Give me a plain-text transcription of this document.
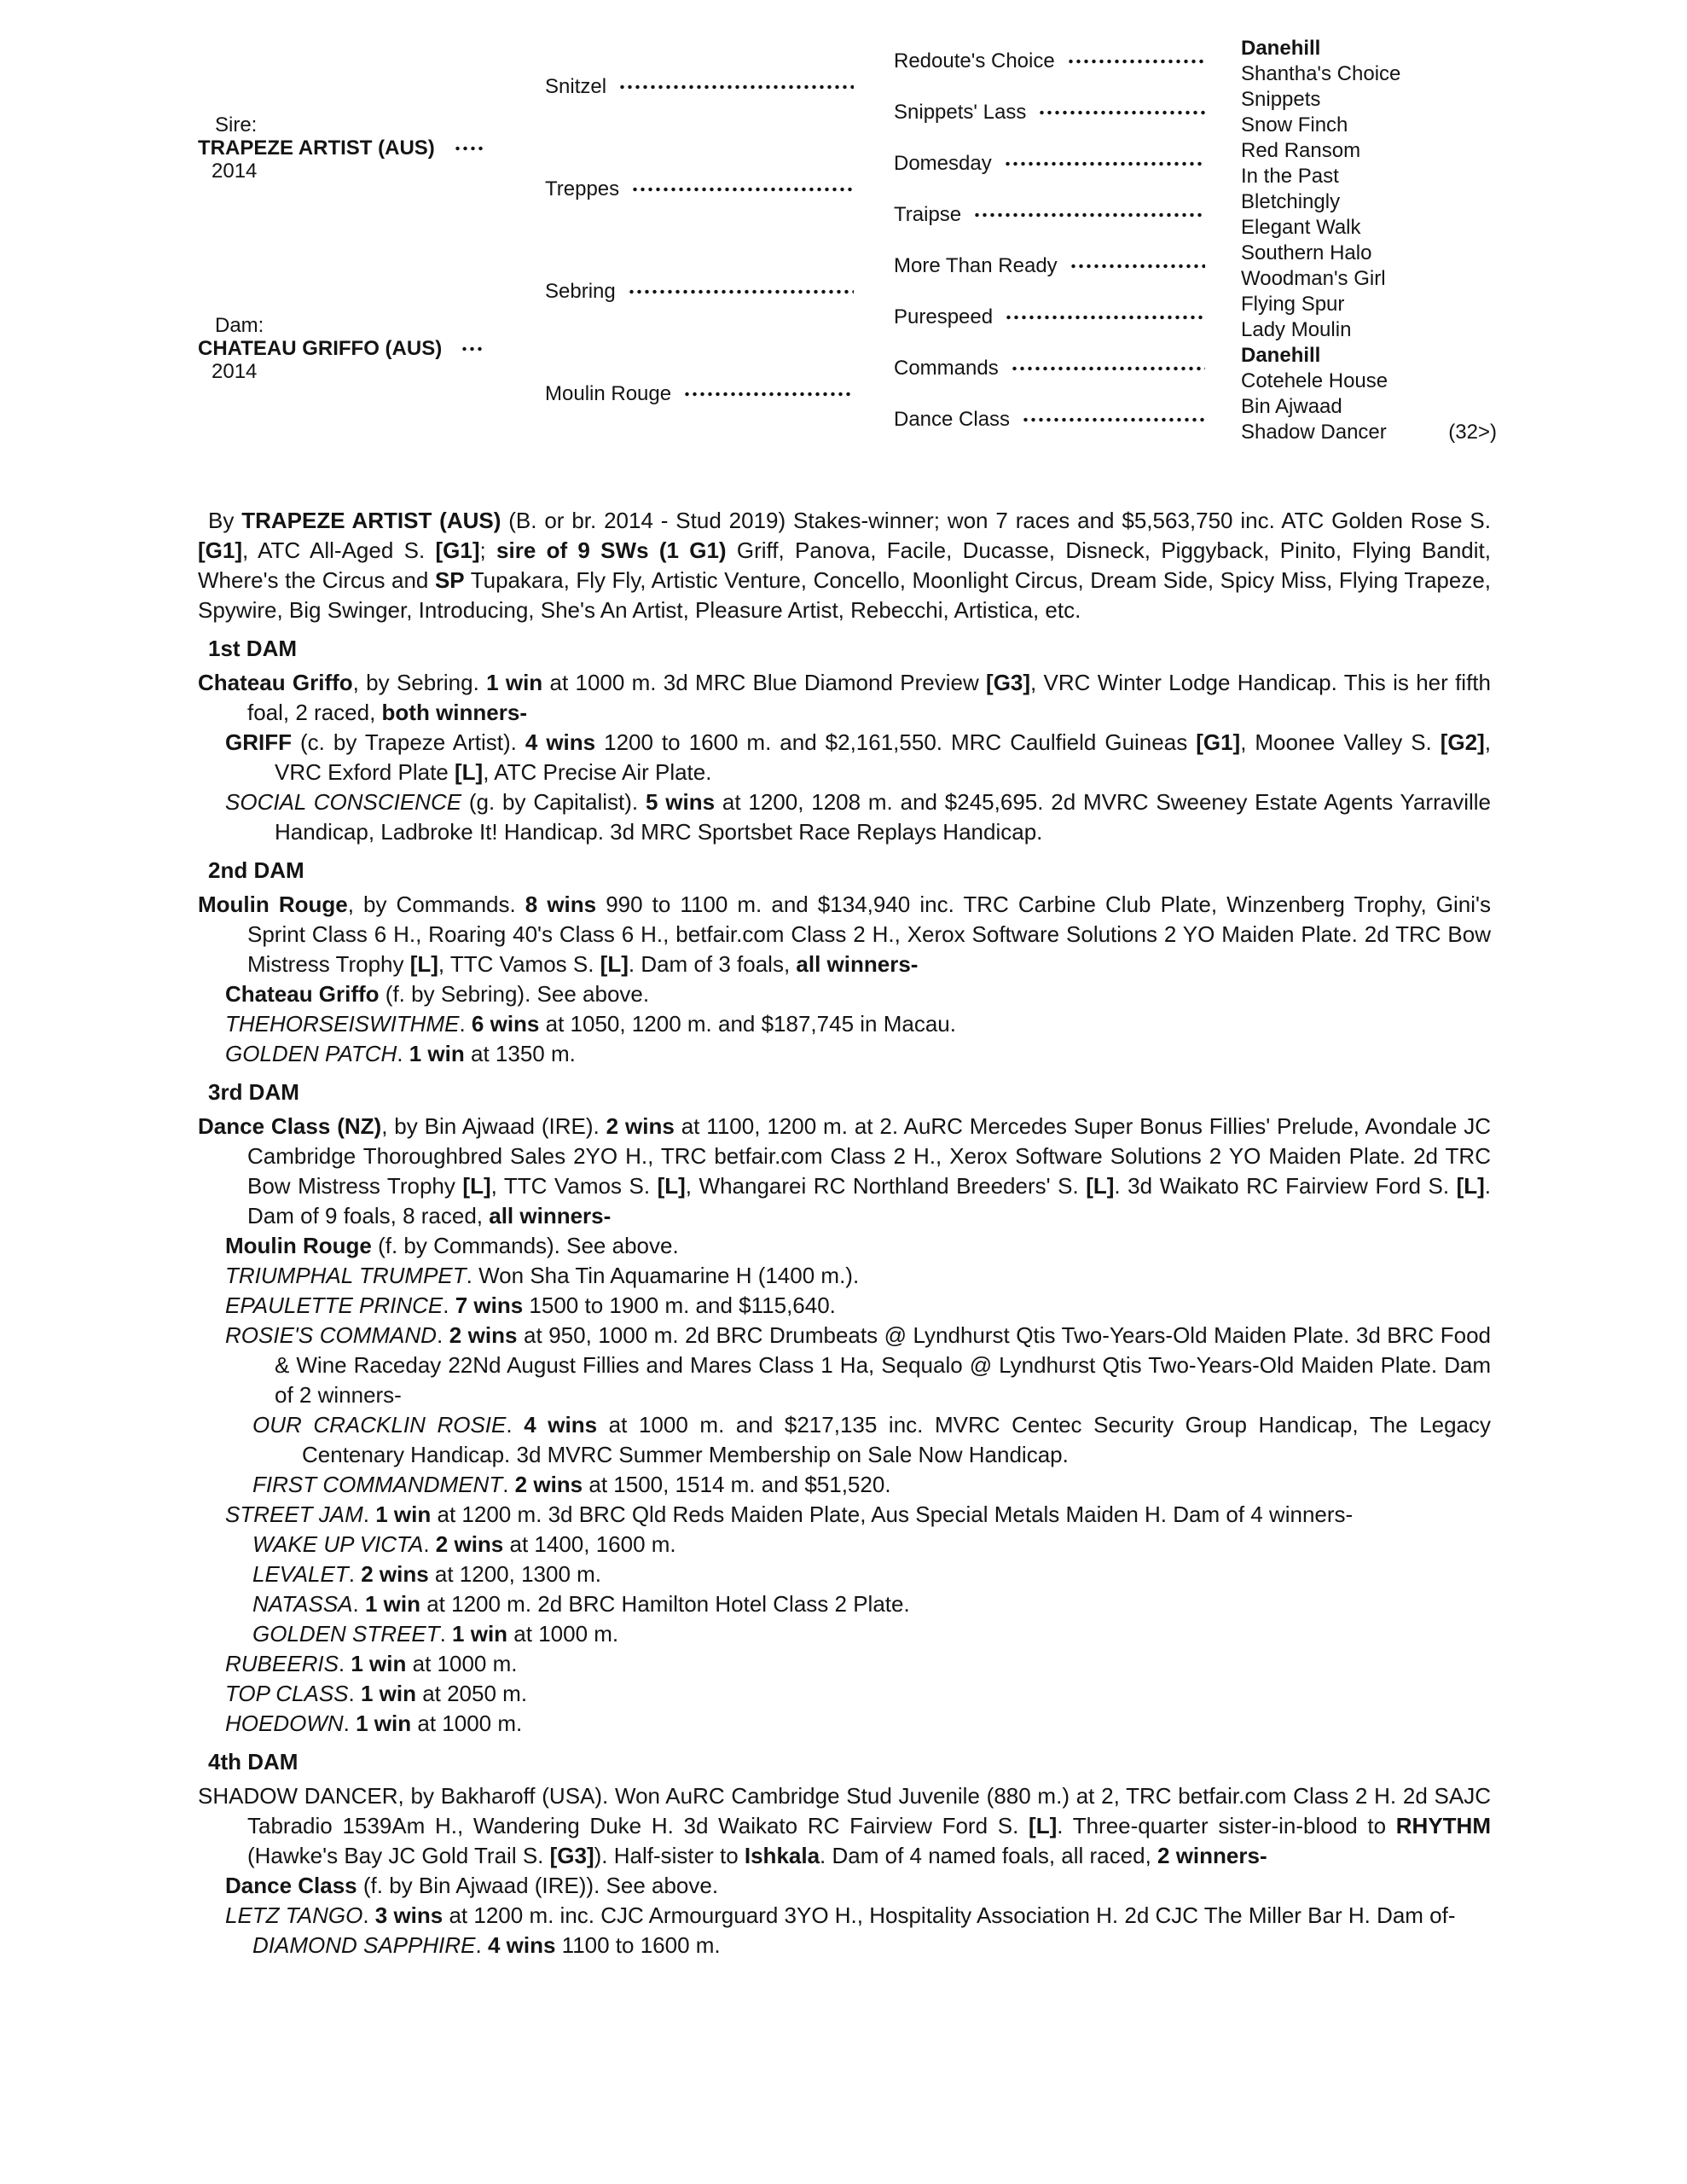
Sire:
TRAPEZE ARTIST (AUS)
2014
Dam:
CHATEAU GRIFFO (AUS)
2014
Snitzel
Treppes
Sebring
Moulin Rouge
Redoute's Choice
Snippets' Lass
Domesday
Traipse
More Than Ready
Purespeed
Commands
Dance Class
(32>)
Danehill
Shantha's Choice
Snippets
Snow Finch
Red Ransom
In the Past
Bletchingly
Elegant Walk
Southern Halo
Woodman's Girl
Flying Spur
Lady Moulin
Danehill
Cotehele House
Bin Ajwaad
Shadow Dancer

By TRAPEZE ARTIST (AUS) (B. or br. 2014 - Stud 2019) Stakes-winner; won 7 races and $5,563,750 inc. ATC Golden Rose S. [G1], ATC All-Aged S. [G1]; sire of 9 SWs (1 G1) Griff, Panova, Facile, Ducasse, Disneck, Piggyback, Pinito, Flying Bandit, Where's the Circus and SP Tupakara, Fly Fly, Artistic Venture, Concello, Moonlight Circus, Dream Side, Spicy Miss, Flying Trapeze, Spywire, Big Swinger, Introducing, She's An Artist, Pleasure Artist, Rebecchi, Artistica, etc.

1st DAM

Chateau Griffo, by Sebring. 1 win at 1000 m. 3d MRC Blue Diamond Preview [G3], VRC Winter Lodge Handicap. This is her fifth foal, 2 raced, both winners-

GRIFF (c. by Trapeze Artist). 4 wins 1200 to 1600 m. and $2,161,550. MRC Caulfield Guineas [G1], Moonee Valley S. [G2], VRC Exford Plate [L], ATC Precise Air Plate.

SOCIAL CONSCIENCE (g. by Capitalist). 5 wins at 1200, 1208 m. and $245,695. 2d MVRC Sweeney Estate Agents Yarraville Handicap, Ladbroke It! Handicap. 3d MRC Sportsbet Race Replays Handicap.

2nd DAM

Moulin Rouge, by Commands. 8 wins 990 to 1100 m. and $134,940 inc. TRC Carbine Club Plate, Winzenberg Trophy, Gini's Sprint Class 6 H., Roaring 40's Class 6 H., betfair.com Class 2 H., Xerox Software Solutions 2 YO Maiden Plate. 2d TRC Bow Mistress Trophy [L], TTC Vamos S. [L]. Dam of 3 foals, all winners-

Chateau Griffo (f. by Sebring). See above.

THEHORSEISWITHME. 6 wins at 1050, 1200 m. and $187,745 in Macau.

GOLDEN PATCH. 1 win at 1350 m.

3rd DAM

Dance Class (NZ), by Bin Ajwaad (IRE). 2 wins at 1100, 1200 m. at 2. AuRC Mercedes Super Bonus Fillies' Prelude, Avondale JC Cambridge Thoroughbred Sales 2YO H., TRC betfair.com Class 2 H., Xerox Software Solutions 2 YO Maiden Plate. 2d TRC Bow Mistress Trophy [L], TTC Vamos S. [L], Whangarei RC Northland Breeders' S. [L]. 3d Waikato RC Fairview Ford S. [L]. Dam of 9 foals, 8 raced, all winners-

Moulin Rouge (f. by Commands). See above.

TRIUMPHAL TRUMPET. Won Sha Tin Aquamarine H (1400 m.).

EPAULETTE PRINCE. 7 wins 1500 to 1900 m. and $115,640.

ROSIE'S COMMAND. 2 wins at 950, 1000 m. 2d BRC Drumbeats @ Lyndhurst Qtis Two-Years-Old Maiden Plate. 3d BRC Food & Wine Raceday 22Nd August Fillies and Mares Class 1 Ha, Sequalo @ Lyndhurst Qtis Two-Years-Old Maiden Plate. Dam of 2 winners-

OUR CRACKLIN ROSIE. 4 wins at 1000 m. and $217,135 inc. MVRC Centec Security Group Handicap, The Legacy Centenary Handicap. 3d MVRC Summer Membership on Sale Now Handicap.

FIRST COMMANDMENT. 2 wins at 1500, 1514 m. and $51,520.

STREET JAM. 1 win at 1200 m. 3d BRC Qld Reds Maiden Plate, Aus Special Metals Maiden H. Dam of 4 winners-

WAKE UP VICTA. 2 wins at 1400, 1600 m.

LEVALET. 2 wins at 1200, 1300 m.

NATASSA. 1 win at 1200 m. 2d BRC Hamilton Hotel Class 2 Plate.

GOLDEN STREET. 1 win at 1000 m.

RUBEERIS. 1 win at 1000 m.

TOP CLASS. 1 win at 2050 m.

HOEDOWN. 1 win at 1000 m.

4th DAM

SHADOW DANCER, by Bakharoff (USA). Won AuRC Cambridge Stud Juvenile (880 m.) at 2, TRC betfair.com Class 2 H. 2d SAJC Tabradio 1539Am H., Wandering Duke H. 3d Waikato RC Fairview Ford S. [L]. Three-quarter sister-in-blood to RHYTHM (Hawke's Bay JC Gold Trail S. [G3]). Half-sister to Ishkala. Dam of 4 named foals, all raced, 2 winners-

Dance Class (f. by Bin Ajwaad (IRE)). See above.

LETZ TANGO. 3 wins at 1200 m. inc. CJC Armourguard 3YO H., Hospitality Association H. 2d CJC The Miller Bar H. Dam of-

DIAMOND SAPPHIRE. 4 wins 1100 to 1600 m.
